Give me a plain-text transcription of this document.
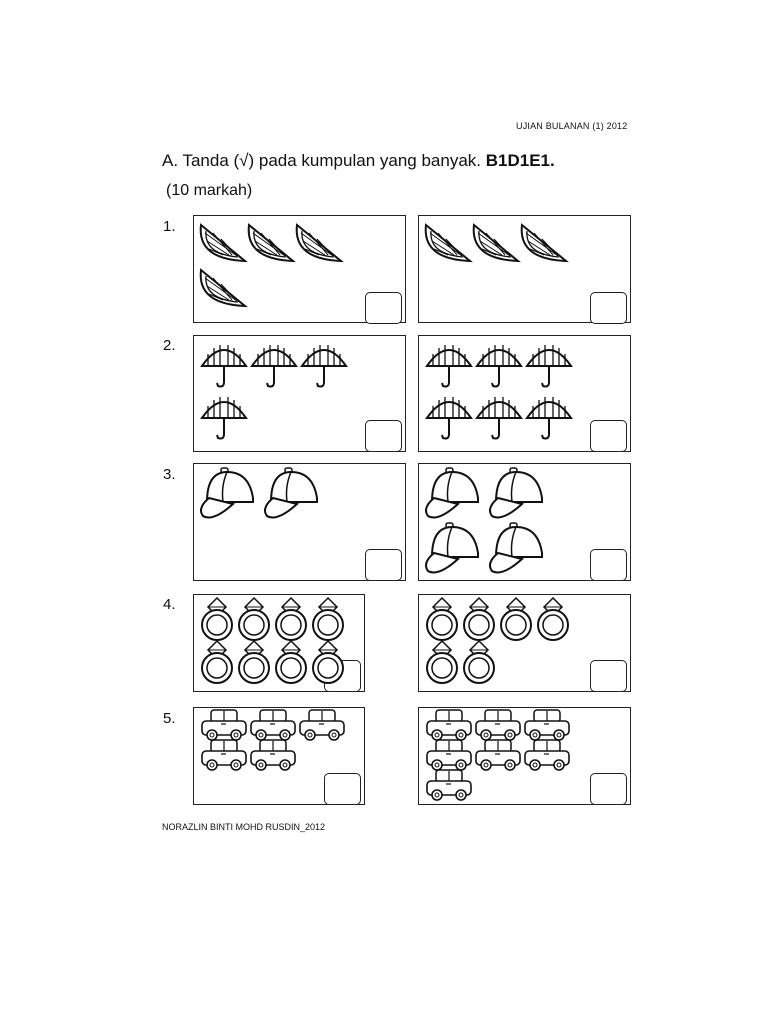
UJIAN BULANAN (1) 2012
A. Tanda (√) pada kumpulan yang banyak. B1D1E1.
(10 markah)
1.
2.
3.
4.
5.
NORAZLIN BINTI MOHD RUSDIN_2012
